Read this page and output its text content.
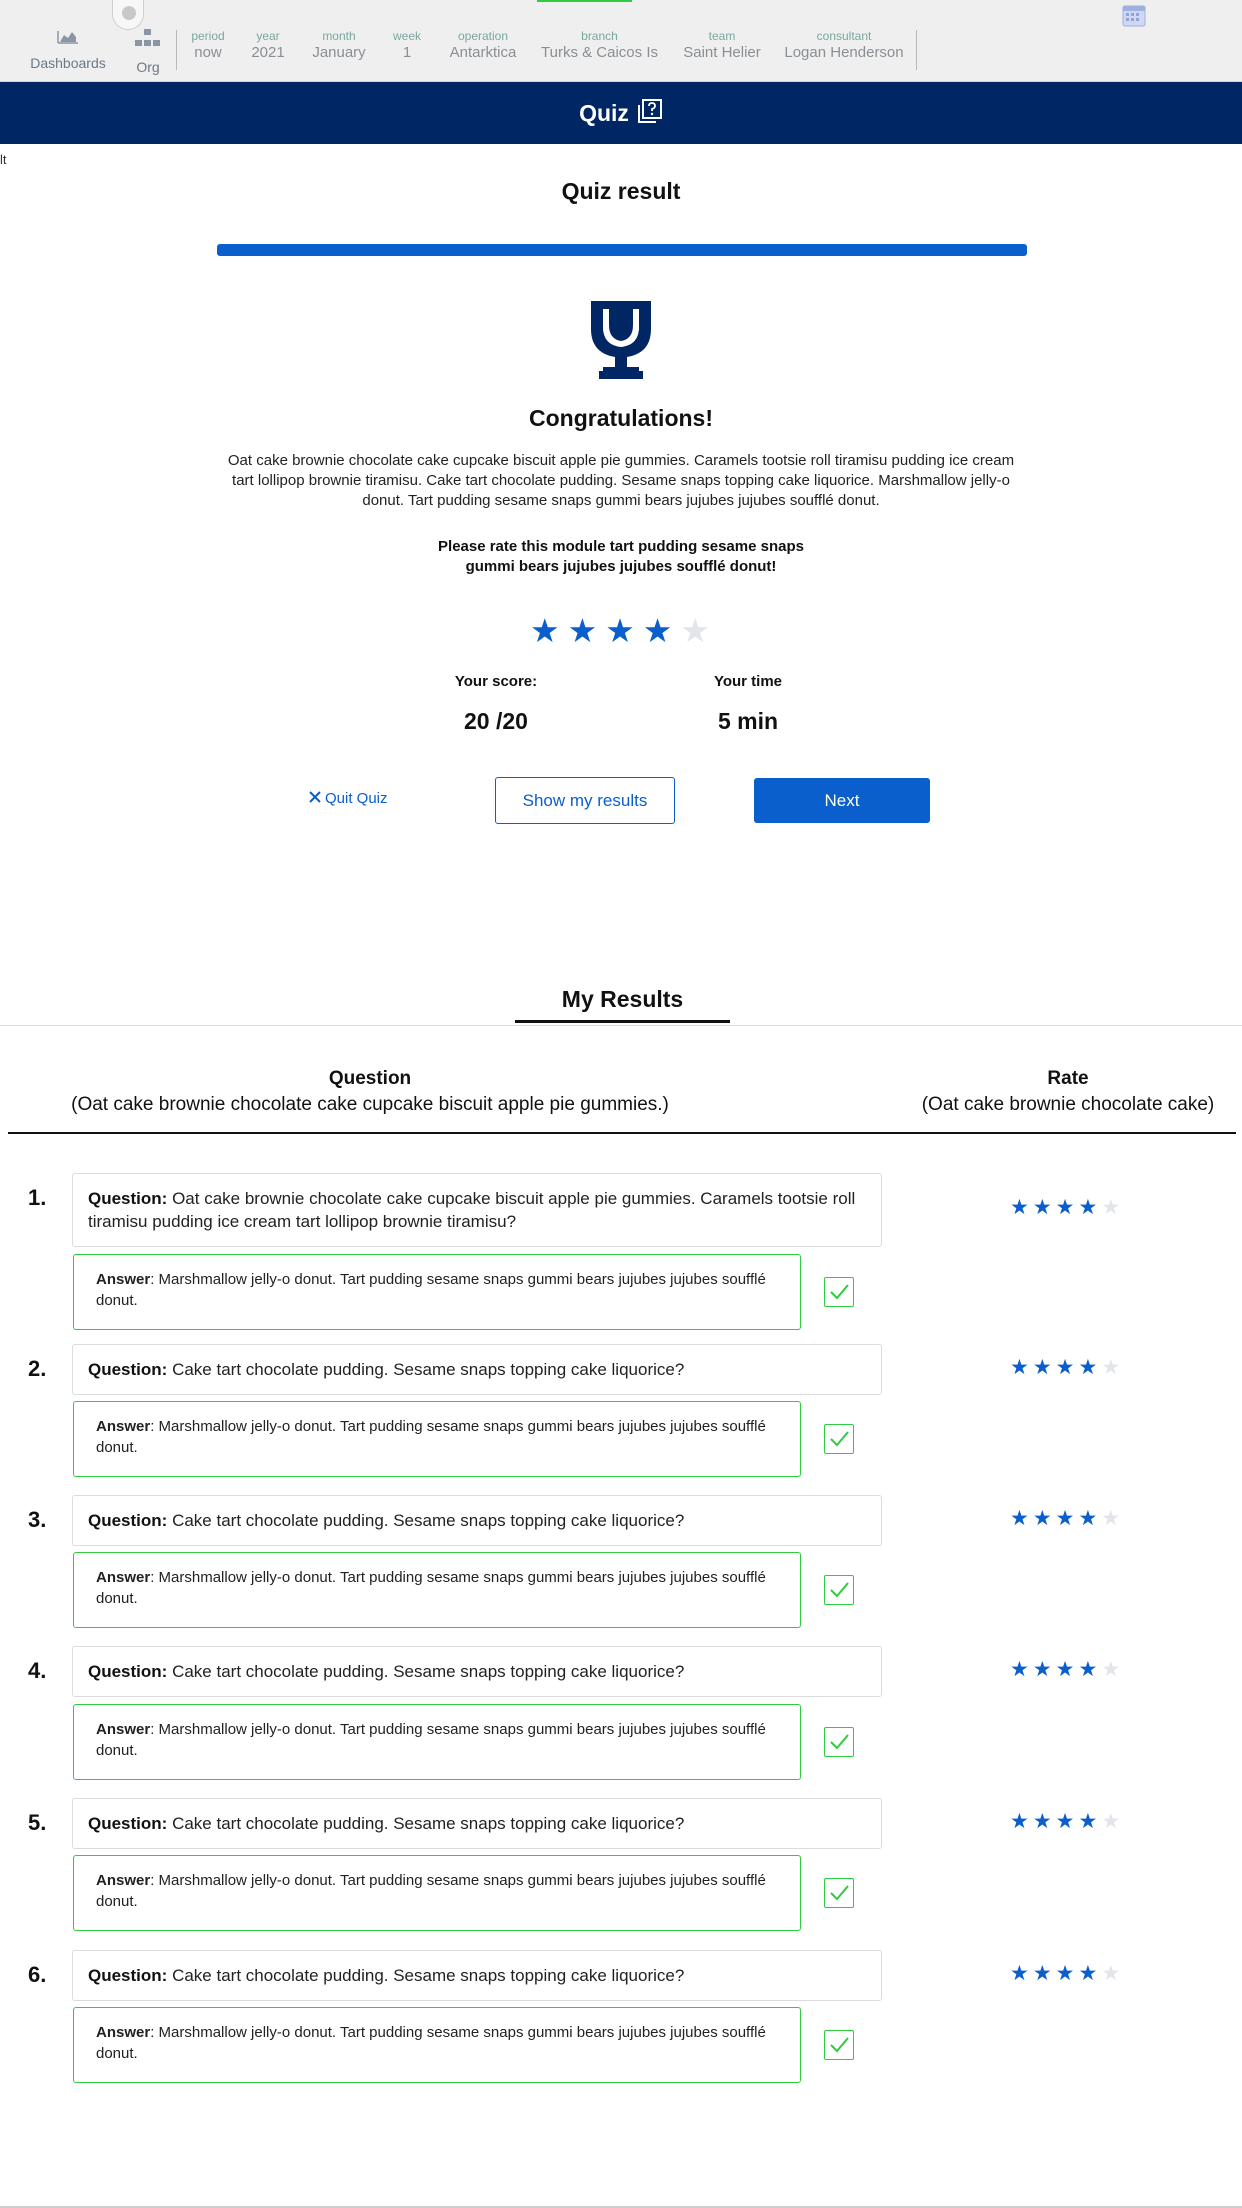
Dashboards	Org
period
now
year
2021
month
January
week
1
operation
Antarktica
branch
Turks & Caicos Is
team
Saint Helier
consultant
Logan Henderson
Quiz
lt
Quiz result
Congratulations!
Oat cake brownie chocolate cake cupcake biscuit apple pie gummies. Caramels tootsie roll tiramisu pudding ice cream tart lollipop brownie tiramisu. Cake tart chocolate pudding. Sesame snaps topping cake liquorice. Marshmallow jelly-o donut. Tart pudding sesame snaps gummi bears jujubes jujubes soufflé donut.
Please rate this module tart pudding sesame snaps gummi bears jujubes jujubes soufflé donut!
★ ★ ★ ★ ★
Your score:
20 /20
Your time
5 min
Quit Quiz	Show my results	Next
My Results
Question
(Oat cake brownie chocolate cake cupcake biscuit apple pie gummies.)
Rate
(Oat cake brownie chocolate cake)
1.	Question: Oat cake brownie chocolate cake cupcake biscuit apple pie gummies. Caramels tootsie roll tiramisu pudding ice cream tart lollipop brownie tiramisu?
Answer: Marshmallow jelly-o donut. Tart pudding sesame snaps gummi bears jujubes jujubes soufflé donut.
★ ★ ★ ★ ★
2.	Question: Cake tart chocolate pudding. Sesame snaps topping cake liquorice?
Answer: Marshmallow jelly-o donut. Tart pudding sesame snaps gummi bears jujubes jujubes soufflé donut.
★ ★ ★ ★ ★
3.	Question: Cake tart chocolate pudding. Sesame snaps topping cake liquorice?
Answer: Marshmallow jelly-o donut. Tart pudding sesame snaps gummi bears jujubes jujubes soufflé donut.
★ ★ ★ ★ ★
4.	Question: Cake tart chocolate pudding. Sesame snaps topping cake liquorice?
Answer: Marshmallow jelly-o donut. Tart pudding sesame snaps gummi bears jujubes jujubes soufflé donut.
★ ★ ★ ★ ★
5.	Question: Cake tart chocolate pudding. Sesame snaps topping cake liquorice?
Answer: Marshmallow jelly-o donut. Tart pudding sesame snaps gummi bears jujubes jujubes soufflé donut.
★ ★ ★ ★ ★
6.	Question: Cake tart chocolate pudding. Sesame snaps topping cake liquorice?
Answer: Marshmallow jelly-o donut. Tart pudding sesame snaps gummi bears jujubes jujubes soufflé donut.
★ ★ ★ ★ ★
